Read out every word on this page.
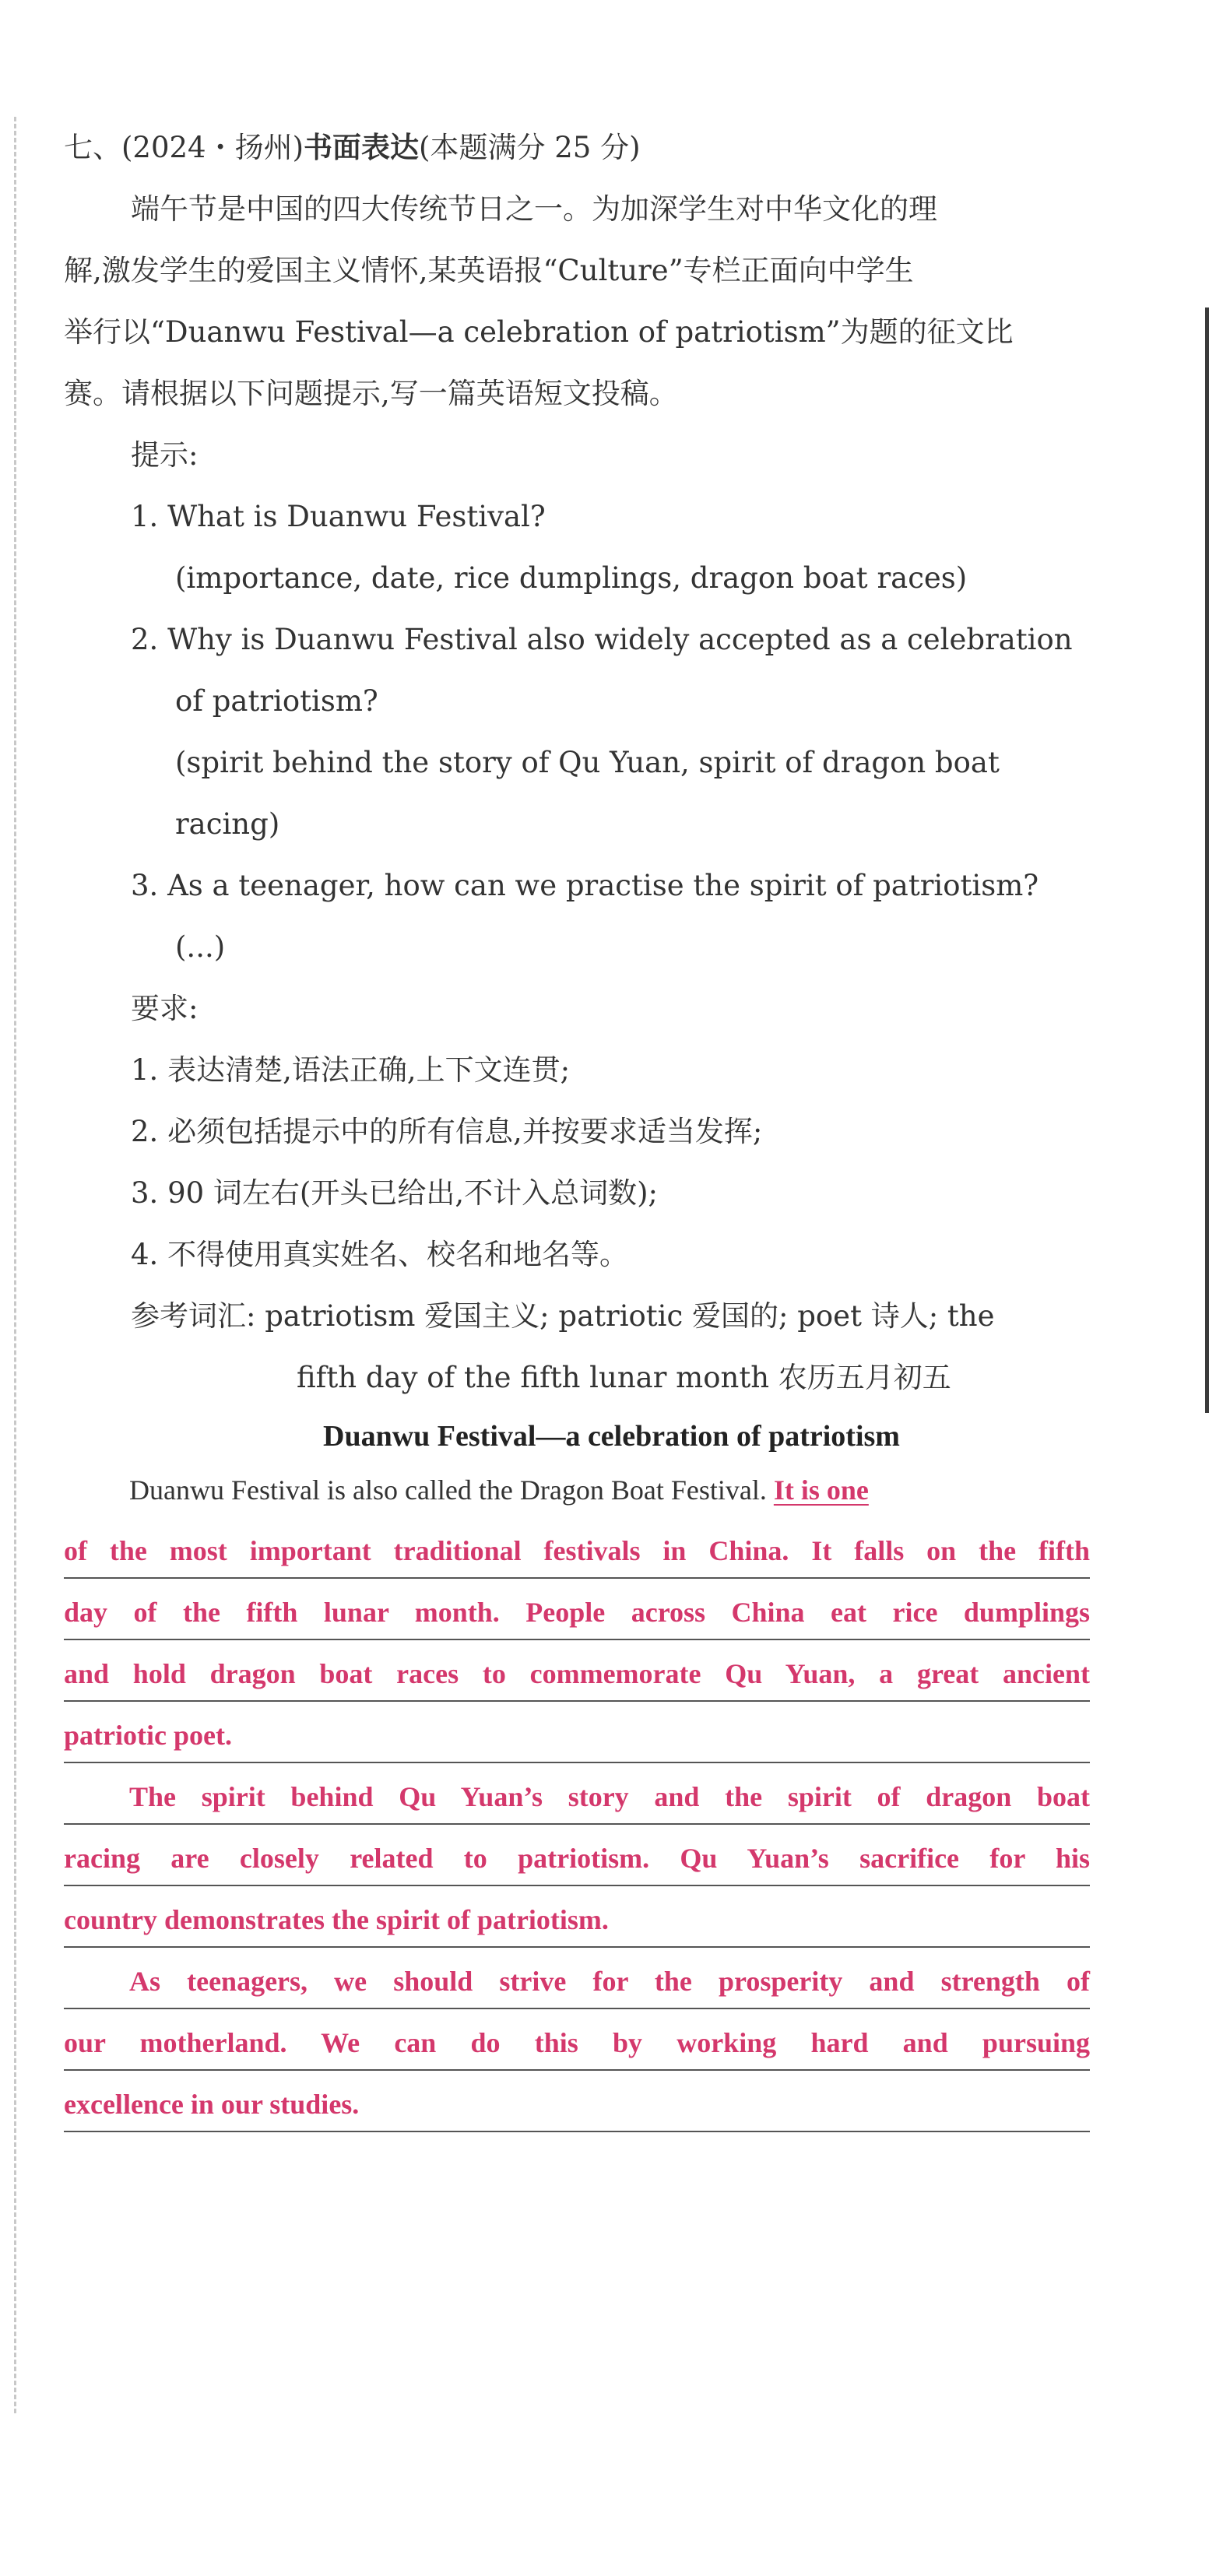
七、(2024・扬州)书面表达(本题满分 25 分)
端午节是中国的四大传统节日之一。为加深学生对中华文化的理
解,激发学生的爱国主义情怀,某英语报“Culture”专栏正面向中学生
举行以“Duanwu Festival—a celebration of patriotism”为题的征文比
赛。请根据以下问题提示,写一篇英语短文投稿。
提示:
1. What is Duanwu Festival?
(importance, date, rice dumplings, dragon boat races)
2. Why is Duanwu Festival also widely accepted as a celebration
of patriotism?
(spirit behind the story of Qu Yuan, spirit of dragon boat
racing)
3. As a teenager, how can we practise the spirit of patriotism?
(...)
要求:
1. 表达清楚,语法正确,上下文连贯;
2. 必须包括提示中的所有信息,并按要求适当发挥;
3. 90 词左右(开头已给出,不计入总词数);
4. 不得使用真实姓名、校名和地名等。
参考词汇: patriotism 爱国主义; patriotic 爱国的; poet 诗人; the
fifth day of the fifth lunar month 农历五月初五
Duanwu Festival—a celebration of patriotism
Duanwu Festival is also called the Dragon Boat Festival. It is one
of the most important traditional festivals in China. It falls on the fifth
day of the fifth lunar month. People across China eat rice dumplings
and hold dragon boat races to commemorate Qu Yuan, a great ancient
patriotic poet.
The spirit behind Qu Yuan’s story and the spirit of dragon boat
racing are closely related to patriotism. Qu Yuan’s sacrifice for his
country demonstrates the spirit of patriotism.
As teenagers, we should strive for the prosperity and strength of
our motherland. We can do this by working hard and pursuing
excellence in our studies.
